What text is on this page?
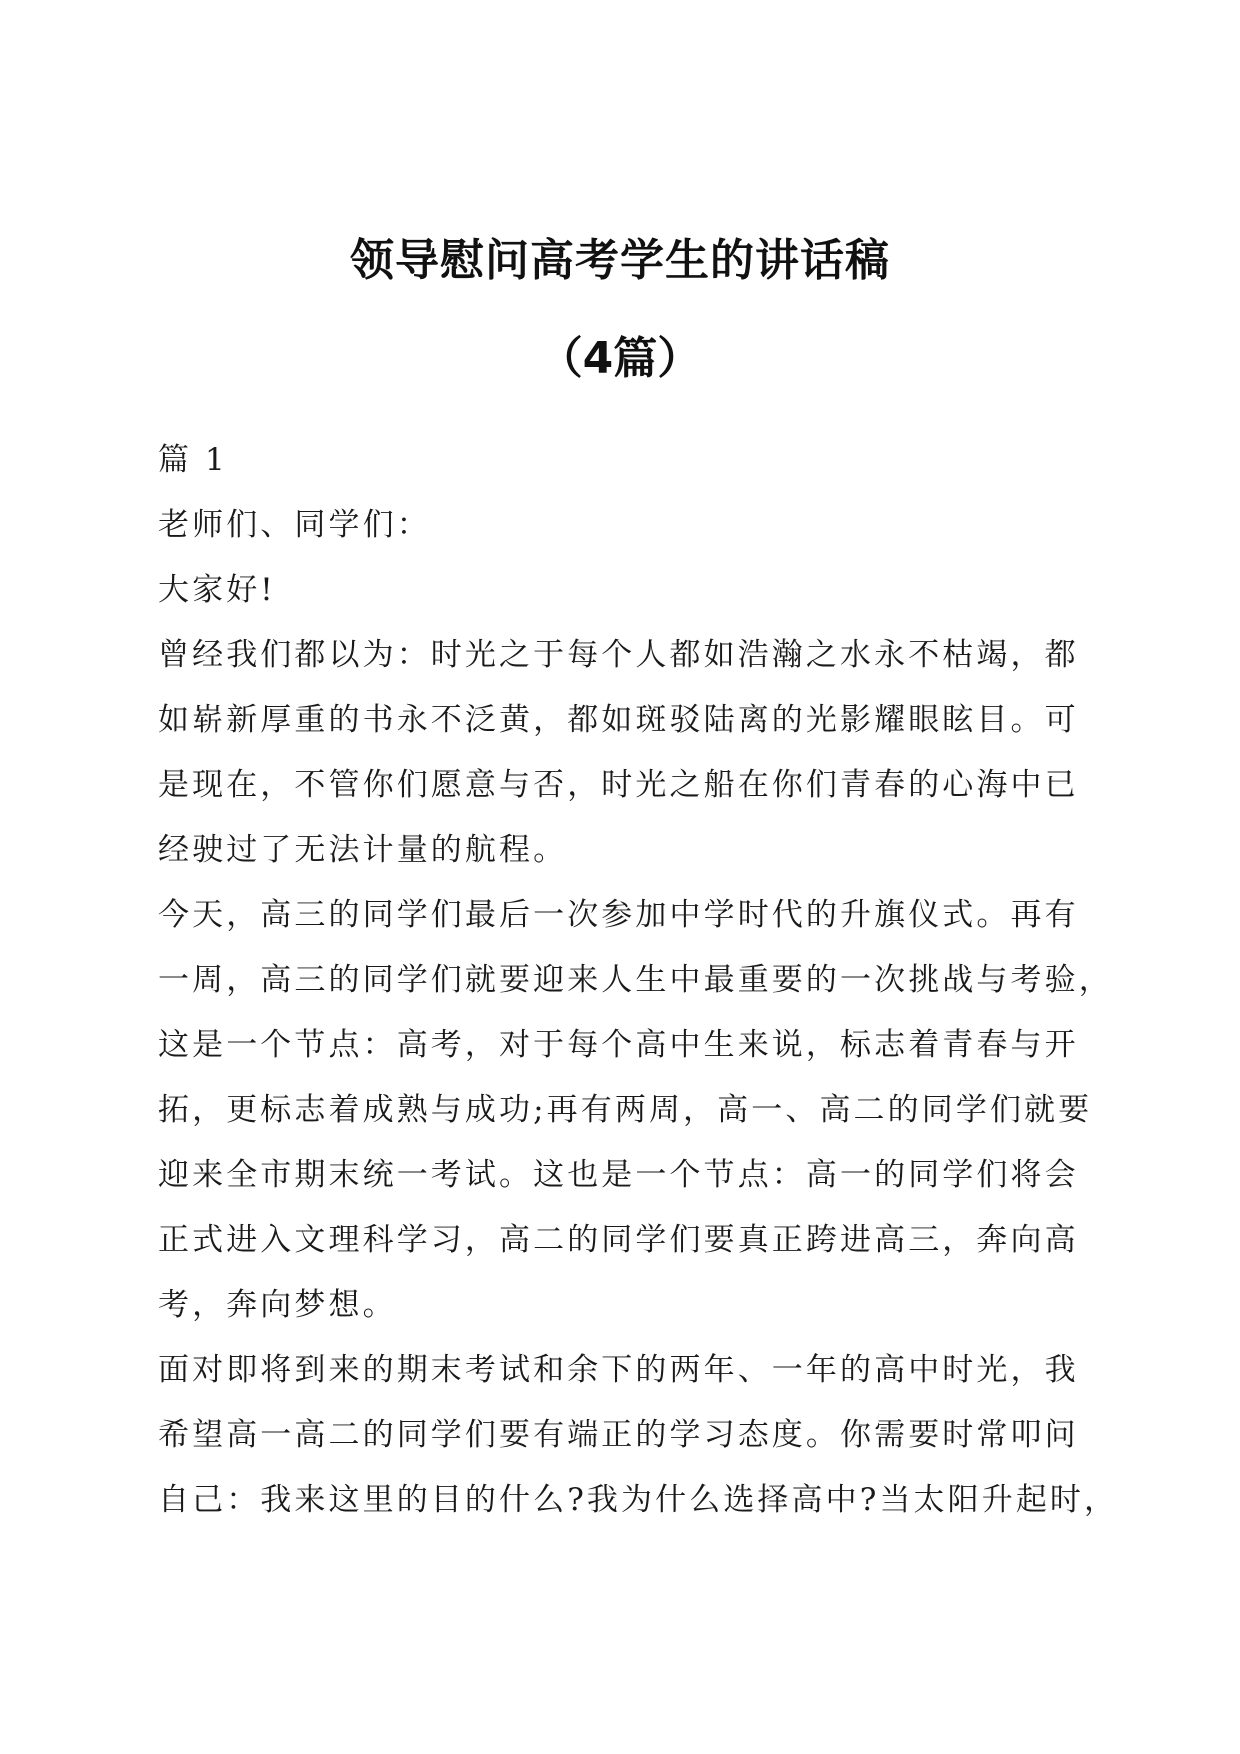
领导慰问高考学生的讲话稿
（4篇）

篇 1

老师们、同学们：

大家好!

曾经我们都以为：时光之于每个人都如浩瀚之水永不枯竭，都

如崭新厚重的书永不泛黄，都如斑驳陆离的光影耀眼眩目。可

是现在，不管你们愿意与否，时光之船在你们青春的心海中已

经驶过了无法计量的航程。

今天，高三的同学们最后一次参加中学时代的升旗仪式。再有

一周，高三的同学们就要迎来人生中最重要的一次挑战与考验，

这是一个节点：高考，对于每个高中生来说，标志着青春与开

拓，更标志着成熟与成功;再有两周，高一、高二的同学们就要

迎来全市期末统一考试。这也是一个节点：高一的同学们将会

正式进入文理科学习，高二的同学们要真正跨进高三，奔向高

考，奔向梦想。

面对即将到来的期末考试和余下的两年、一年的高中时光，我

希望高一高二的同学们要有端正的学习态度。你需要时常叩问

自己：我来这里的目的什么?我为什么选择高中?当太阳升起时，
